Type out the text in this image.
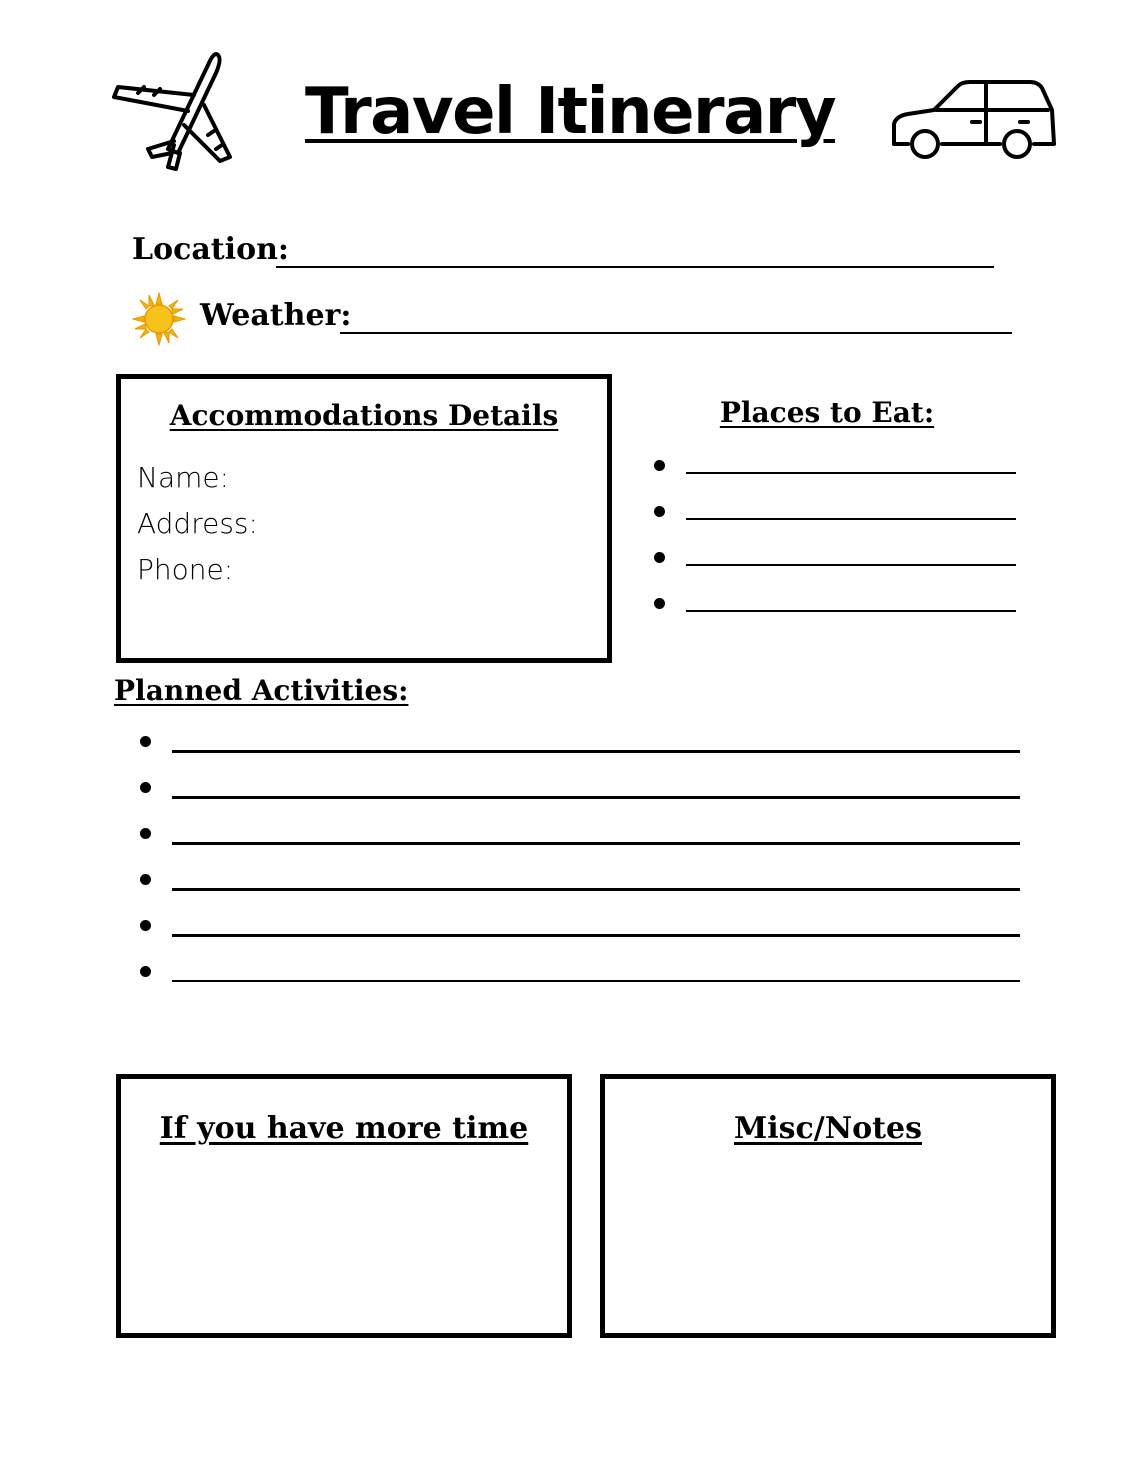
Travel Itinerary
Location:
Weather:
Accommodations Details
Name:
Address:
Phone:
Places to Eat:
Planned Activities:
If you have more time	Misc/Notes
